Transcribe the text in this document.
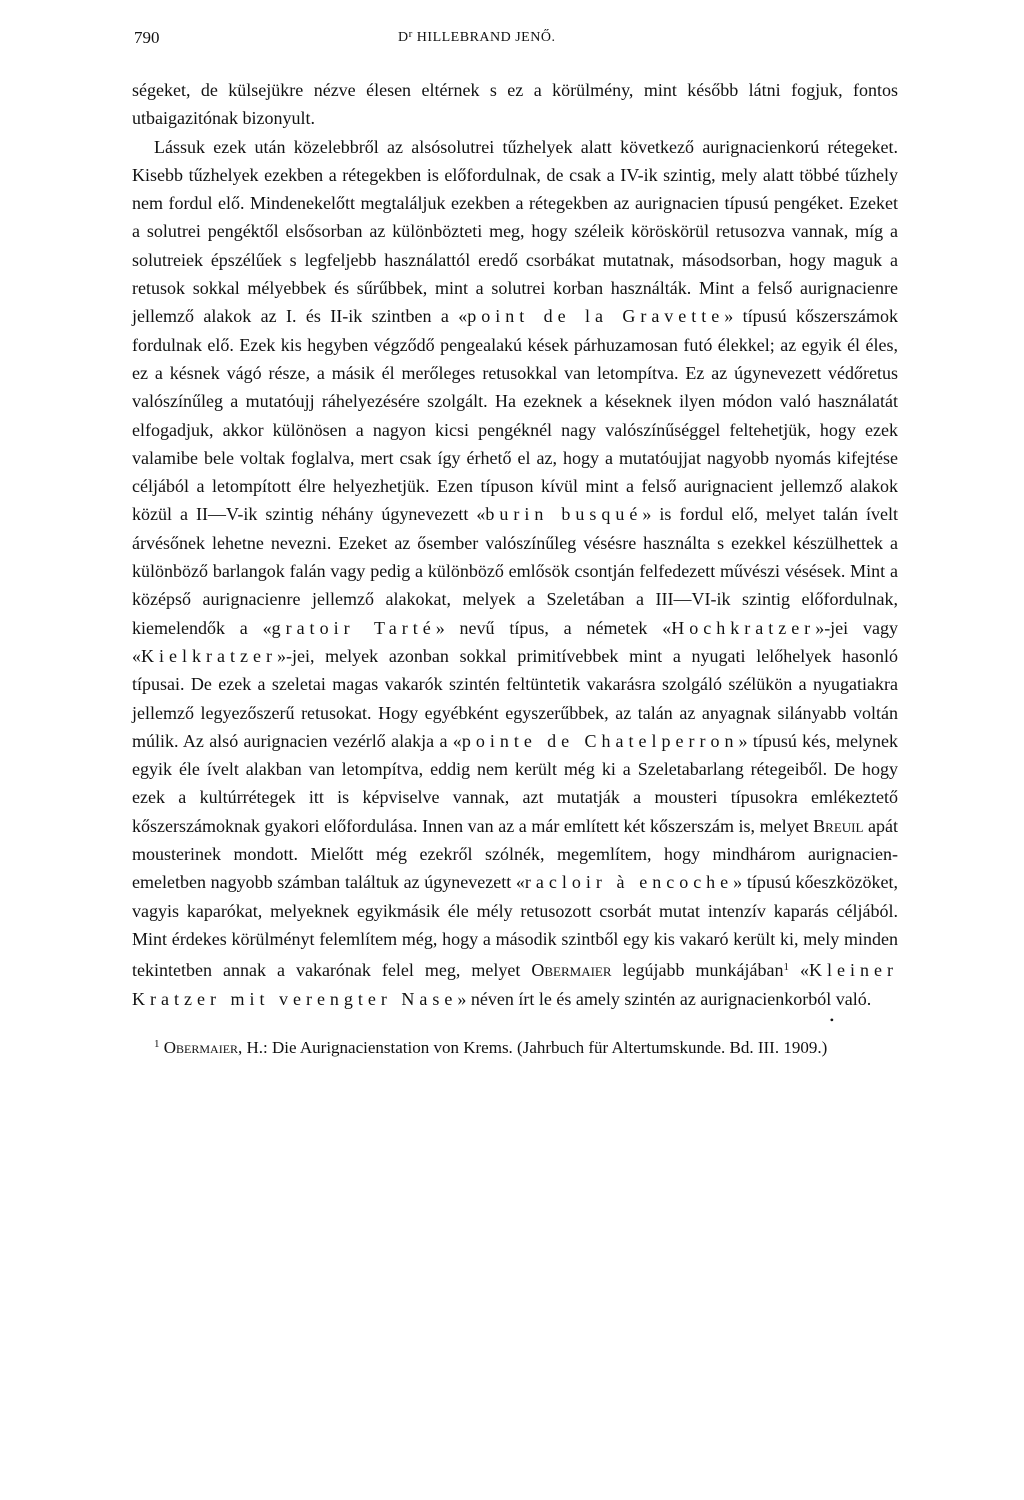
790	$D^r$ HILLEBRAND JENŐ.

ségeket, de külsejükre nézve élesen eltérnek s ez a körülmény, mint később látni fogjuk, fontos utbaigazitónak bizonyult.

Lássuk ezek után közelebbről az alsósolutrei tűzhelyek alatt következő aurignacienkorú rétegeket. Kisebb tűzhelyek ezekben a rétegekben is előfordulnak, de csak a IV-ik szintig, mely alatt többé tűzhely nem fordul elő. Mindenekelőtt megtaláljuk ezekben a rétegekben az aurignacien típusú pengéket. Ezeket a solutrei pengéktől elsősorban az különbözteti meg, hogy széleik köröskörül retusozva vannak, míg a solutreiek épszélűek s legfeljebb használattól eredő csorbákat mutatnak, másodsorban, hogy maguk a retusok sokkal mélyebbek és sűrűbbek, mint a solutrei korban használták. Mint a felső aurignacienre jellemző alakok az I. és II-ik szintben a «point de la Gravette» típusú kőszerszámok fordulnak elő. Ezek kis hegyben végződő pengealakú kések párhuzamosan futó élekkel; az egyik él éles, ez a késnek vágó része, a másik él merőleges retusokkal van letompítva. Ez az úgynevezett védőretus valószínűleg a mutatóujj ráhelyezésére szolgált. Ha ezeknek a késeknek ilyen módon való használatát elfogadjuk, akkor különösen a nagyon kicsi pengéknél nagy valószínűséggel feltehetjük, hogy ezek valamibe bele voltak foglalva, mert csak így érhető el az, hogy a mutatóujjat nagyobb nyomás kifejtése céljából a letompított élre helyezhetjük. Ezen típuson kívül mint a felső aurignacient jellemző alakok közül a II—V-ik szintig néhány úgynevezett «burin busqué» is fordul elő, melyet talán ívelt árvésőnek lehetne nevezni. Ezeket az ősember valószínűleg vésésre használta s ezekkel készülhettek a különböző barlangok falán vagy pedig a különböző emlősök csontján felfedezett művészi vésések. Mint a középső aurignacienre jellemző alakokat, melyek a Szeletában a III—VI-ik szintig előfordulnak, kiemelendők a «gratoir Tarté» nevű típus, a németek «Hochkratzer»-jei vagy «Kielkratzer»-jei, melyek azonban sokkal primitívebbek mint a nyugati lelőhelyek hasonló típusai. De ezek a szeletai magas vakarók szintén feltüntetik vakarásra szolgáló szélükön a nyugatiakra jellemző legyezőszerű retusokat. Hogy egyébként egyszerűbbek, az talán az anyagnak silányabb voltán múlik. Az alsó aurignacien vezérlő alakja a «pointe de Chatelperron» típusú kés, melynek egyik éle ívelt alakban van letompítva, eddig nem került még ki a Szeletabarlang rétegeiből. De hogy ezek a kultúrrétegek itt is képviselve vannak, azt mutatják a mousteri típusokra emlékeztető kőszerszámoknak gyakori előfordulása. Innen van az a már említett két kőszerszám is, melyet Breuil apát mousterinek mondott. Mielőtt még ezekről szólnék, megemlítem, hogy mindhárom aurignacien-emeletben nagyobb számban találtuk az úgynevezett «racloir à encoche» típusú kőeszközöket, vagyis kaparókat, melyeknek egyikmásik éle mély retusozott csorbát mutat intenzív kaparás céljából. Mint érdekes körülményt felemlítem még, hogy a második szintből egy kis vakaró került ki, mely minden tekintetben annak a vakarónak felel meg, melyet Obermaier legújabb munkájában$^1$ «Kleiner Kratzer mit verengter Nase» néven írt le és amely szintén az aurignacienkorból való.

•
$^1$ Obermaier, H.: Die Aurignacienstation von Krems. (Jahrbuch für Altertumskunde. Bd. III. 1909.)
